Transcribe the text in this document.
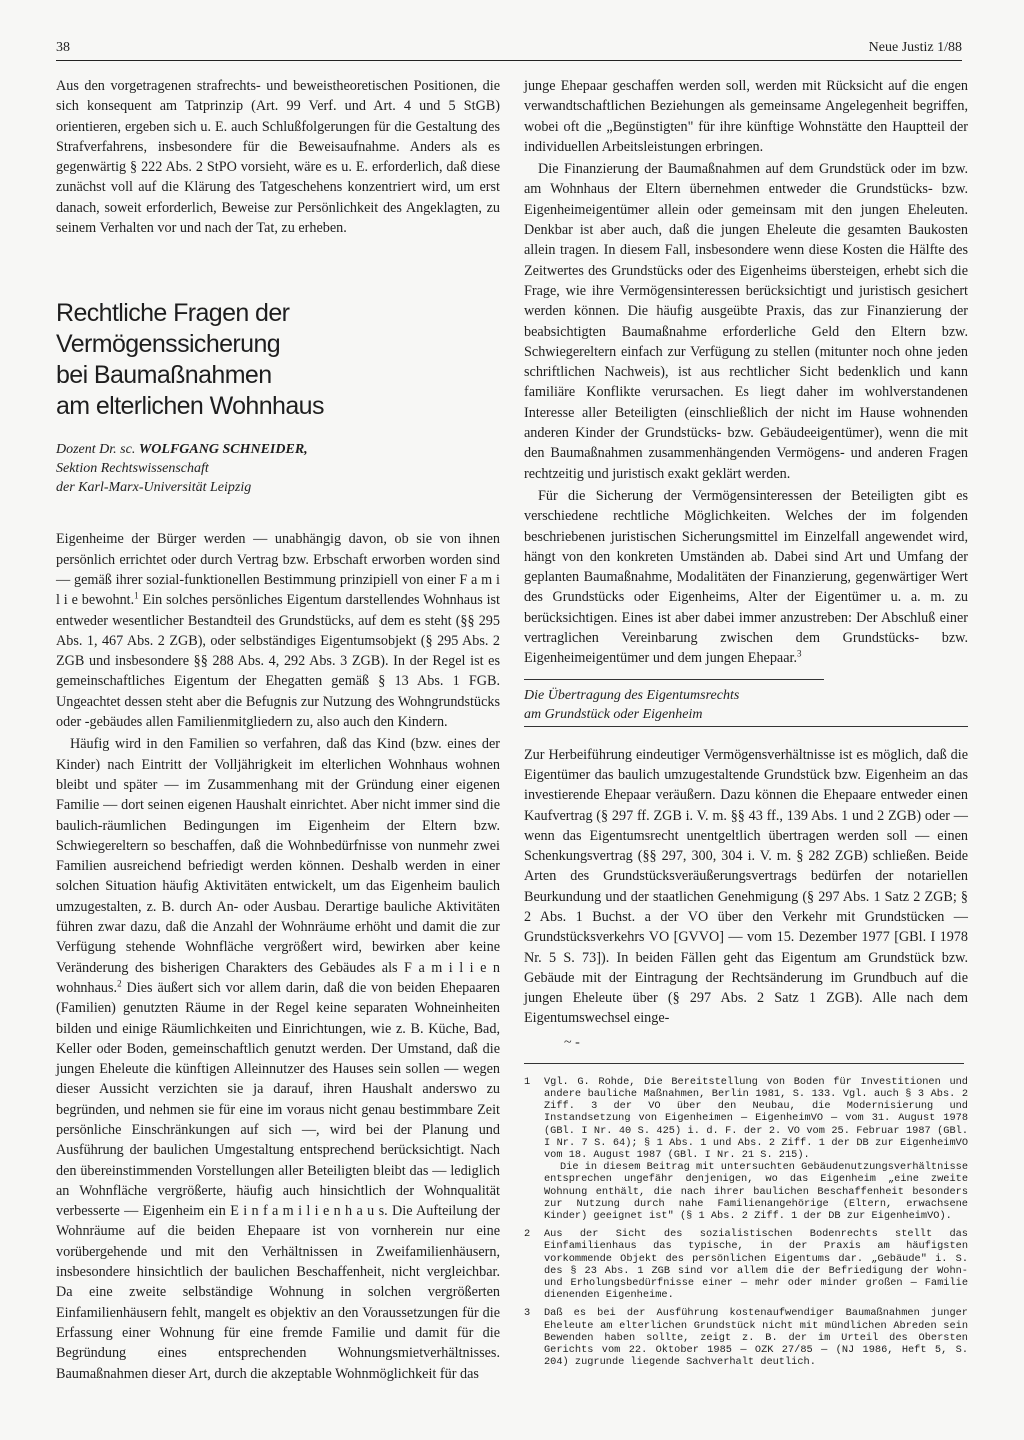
38	Neue Justiz 1/88

Aus den vorgetragenen strafrechts- und beweistheoretischen Positionen, die sich konsequent am Tatprinzip (Art. 99 Verf. und Art. 4 und 5 StGB) orientieren, ergeben sich u. E. auch Schlußfolgerungen für die Gestaltung des Strafverfahrens, insbesondere für die Beweisaufnahme. Anders als es gegenwärtig § 222 Abs. 2 StPO vorsieht, wäre es u. E. erforderlich, daß diese zunächst voll auf die Klärung des Tatgeschehens konzentriert wird, um erst danach, soweit erforderlich, Beweise zur Persönlichkeit des Angeklagten, zu seinem Verhalten vor und nach der Tat, zu erheben.

Rechtliche Fragen der Vermögenssicherung
bei Baumaßnahmen
am elterlichen Wohnhaus
Dozent Dr. sc. WOLFGANG SCHNEIDER,
Sektion Rechtswissenschaft
der Karl-Marx-Universität Leipzig

Eigenheime der Bürger werden — unabhängig davon, ob sie von ihnen persönlich errichtet oder durch Vertrag bzw. Erbschaft erworben worden sind — gemäß ihrer sozial-funktionellen Bestimmung prinzipiell von einer F a m i l i e bewohnt.$^1$ Ein solches persönliches Eigentum darstellendes Wohnhaus ist entweder wesentlicher Bestandteil des Grundstücks, auf dem es steht (§§ 295 Abs. 1, 467 Abs. 2 ZGB), oder selbständiges Eigentumsobjekt (§ 295 Abs. 2 ZGB und insbesondere §§ 288 Abs. 4, 292 Abs. 3 ZGB). In der Regel ist es gemeinschaftliches Eigentum der Ehegatten gemäß § 13 Abs. 1 FGB. Ungeachtet dessen steht aber die Befugnis zur Nutzung des Wohngrundstücks oder -gebäudes allen Familienmitgliedern zu, also auch den Kindern.

Häufig wird in den Familien so verfahren, daß das Kind (bzw. eines der Kinder) nach Eintritt der Volljährigkeit im elterlichen Wohnhaus wohnen bleibt und später — im Zusammenhang mit der Gründung einer eigenen Familie — dort seinen eigenen Haushalt einrichtet. Aber nicht immer sind die baulich-räumlichen Bedingungen im Eigenheim der Eltern bzw. Schwiegereltern so beschaffen, daß die Wohnbedürfnisse von nunmehr zwei Familien ausreichend befriedigt werden können. Deshalb werden in einer solchen Situation häufig Aktivitäten entwickelt, um das Eigenheim baulich umzugestalten, z. B. durch An- oder Ausbau. Derartige bauliche Aktivitäten führen zwar dazu, daß die Anzahl der Wohnräume erhöht und damit die zur Verfügung stehende Wohnfläche vergrößert wird, bewirken aber keine Veränderung des bisherigen Charakters des Gebäudes als F a m i l i e n wohnhaus.$^2$ Dies äußert sich vor allem darin, daß die von beiden Ehepaaren (Familien) genutzten Räume in der Regel keine separaten Wohneinheiten bilden und einige Räumlichkeiten und Einrichtungen, wie z. B. Küche, Bad, Keller oder Boden, gemeinschaftlich genutzt werden. Der Umstand, daß die jungen Eheleute die künftigen Alleinnutzer des Hauses sein sollen — wegen dieser Aussicht verzichten sie ja darauf, ihren Haushalt anderswo zu begründen, und nehmen sie für eine im voraus nicht genau bestimmbare Zeit persönliche Einschränkungen auf sich —, wird bei der Planung und Ausführung der baulichen Umgestaltung entsprechend berücksichtigt. Nach den übereinstimmenden Vorstellungen aller Beteiligten bleibt das — lediglich an Wohnfläche vergrößerte, häufig auch hinsichtlich der Wohnqualität verbesserte — Eigenheim ein E i n f a m i l i e n h a u s. Die Aufteilung der Wohnräume auf die beiden Ehepaare ist von vornherein nur eine vorübergehende und mit den Verhältnissen in Zweifamilienhäusern, insbesondere hinsichtlich der baulichen Beschaffenheit, nicht vergleichbar. Da eine zweite selbständige Wohnung in solchen vergrößerten Einfamilienhäusern fehlt, mangelt es objektiv an den Voraussetzungen für die Erfassung einer Wohnung für eine fremde Familie und damit für die Begründung eines entsprechenden Wohnungsmietverhältnisses. Baumaßnahmen dieser Art, durch die akzeptable Wohnmöglichkeit für das

junge Ehepaar geschaffen werden soll, werden mit Rücksicht auf die engen verwandtschaftlichen Beziehungen als gemeinsame Angelegenheit begriffen, wobei oft die „Begünstigten" für ihre künftige Wohnstätte den Hauptteil der individuellen Arbeitsleistungen erbringen.

Die Finanzierung der Baumaßnahmen auf dem Grundstück oder im bzw. am Wohnhaus der Eltern übernehmen entweder die Grundstücks- bzw. Eigenheimeigentümer allein oder gemeinsam mit den jungen Eheleuten. Denkbar ist aber auch, daß die jungen Eheleute die gesamten Baukosten allein tragen. In diesem Fall, insbesondere wenn diese Kosten die Hälfte des Zeitwertes des Grundstücks oder des Eigenheims übersteigen, erhebt sich die Frage, wie ihre Vermögensinteressen berücksichtigt und juristisch gesichert werden können. Die häufig ausgeübte Praxis, das zur Finanzierung der beabsichtigten Baumaßnahme erforderliche Geld den Eltern bzw. Schwiegereltern einfach zur Verfügung zu stellen (mitunter noch ohne jeden schriftlichen Nachweis), ist aus rechtlicher Sicht bedenklich und kann familiäre Konflikte verursachen. Es liegt daher im wohlverstandenen Interesse aller Beteiligten (einschließlich der nicht im Hause wohnenden anderen Kinder der Grundstücks- bzw. Gebäudeeigentümer), wenn die mit den Baumaßnahmen zusammenhängenden Vermögens- und anderen Fragen rechtzeitig und juristisch exakt geklärt werden.

Für die Sicherung der Vermögensinteressen der Beteiligten gibt es verschiedene rechtliche Möglichkeiten. Welches der im folgenden beschriebenen juristischen Sicherungsmittel im Einzelfall angewendet wird, hängt von den konkreten Umständen ab. Dabei sind Art und Umfang der geplanten Baumaßnahme, Modalitäten der Finanzierung, gegenwärtiger Wert des Grundstücks oder Eigenheims, Alter der Eigentümer u. a. m. zu berücksichtigen. Eines ist aber dabei immer anzustreben: Der Abschluß einer vertraglichen Vereinbarung zwischen dem Grundstücks- bzw. Eigenheimeigentümer und dem jungen Ehepaar.$^3$

Die Übertragung des Eigentumsrechts
am Grundstück oder Eigenheim

Zur Herbeiführung eindeutiger Vermögensverhältnisse ist es möglich, daß die Eigentümer das baulich umzugestaltende Grundstück bzw. Eigenheim an das investierende Ehepaar veräußern. Dazu können die Ehepaare entweder einen Kaufvertrag (§ 297 ff. ZGB i. V. m. §§ 43 ff., 139 Abs. 1 und 2 ZGB) oder — wenn das Eigentumsrecht unentgeltlich übertragen werden soll — einen Schenkungsvertrag (§§ 297, 300, 304 i. V. m. § 282 ZGB) schließen. Beide Arten des Grundstücksveräußerungsvertrags bedürfen der notariellen Beurkundung und der staatlichen Genehmigung (§ 297 Abs. 1 Satz 2 ZGB; § 2 Abs. 1 Buchst. a der VO über den Verkehr mit Grundstücken — Grundstücksverkehrs VO [GVVO] — vom 15. Dezember 1977 [GBl. I 1978 Nr. 5 S. 73]). In beiden Fällen geht das Eigentum am Grundstück bzw. Gebäude mit der Eintragung der Rechtsänderung im Grundbuch auf die jungen Eheleute über (§ 297 Abs. 2 Satz 1 ZGB). Alle nach dem Eigentumswechsel einge-

~ -
1 Vgl. G. Rohde, Die Bereitstellung von Boden für Investitionen und andere bauliche Maßnahmen, Berlin 1981, S. 133. Vgl. auch § 3 Abs. 2 Ziff. 3 der VO über den Neubau, die Modernisierung und Instandsetzung von Eigenheimen — EigenheimVO — vom 31. August 1978 (GBl. I Nr. 40 S. 425) i. d. F. der 2. VO vom 25. Februar 1987 (GBl. I Nr. 7 S. 64); § 1 Abs. 1 und Abs. 2 Ziff. 1 der DB zur EigenheimVO vom 18. August 1987 (GBl. I Nr. 21 S. 215).
Die in diesem Beitrag mit untersuchten Gebäudenutzungsverhältnisse entsprechen ungefähr denjenigen, wo das Eigenheim „eine zweite Wohnung enthält, die nach ihrer baulichen Beschaffenheit besonders zur Nutzung durch nahe Familienangehörige (Eltern, erwachsene Kinder) geeignet ist" (§ 1 Abs. 2 Ziff. 1 der DB zur EigenheimVO).
2 Aus der Sicht des sozialistischen Bodenrechts stellt das Einfamilienhaus das typische, in der Praxis am häufigsten vorkommende Objekt des persönlichen Eigentums dar. „Gebäude" i. S. des § 23 Abs. 1 ZGB sind vor allem die der Befriedigung der Wohn- und Erholungsbedürfnisse einer — mehr oder minder großen — Familie dienenden Eigenheime.
3 Daß es bei der Ausführung kostenaufwendiger Baumaßnahmen junger Eheleute am elterlichen Grundstück nicht mit mündlichen Abreden sein Bewenden haben sollte, zeigt z. B. der im Urteil des Obersten Gerichts vom 22. Oktober 1985 — OZK 27/85 — (NJ 1986, Heft 5, S. 204) zugrunde liegende Sachverhalt deutlich.
